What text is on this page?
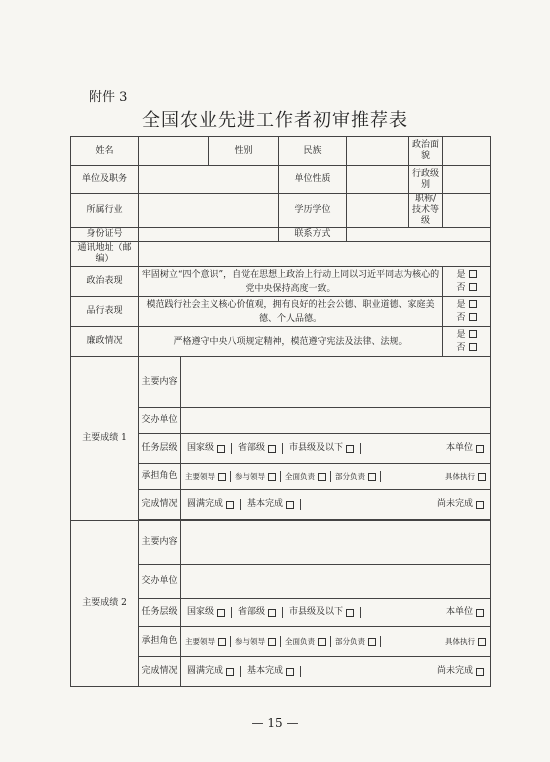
附件 3
全国农业先进工作者初审推荐表
姓名			性别	民族		政治面貌	
单位及职务				单位性质		行政级别	
所属行业				学历学位		职称/技术等级	
身份证号				联系方式			
通讯地址（邮编）							
政治表现	牢固树立“四个意识”，自觉在思想上政治上行动上同以习近平同志为核心的党中央保持高度一致。						是
否

品行表现	模范践行社会主义核心价值观，拥有良好的社会公德、职业道德、家庭美德、个人品德。						是
否

廉政情况	严格遵守中央八项规定精神，模范遵守宪法及法律、法规。						是
否

主要成绩 1	主要内容						
	交办单位						
	任务层级	国家级 省部级 市县级及以下 本单位					

	承担角色	主要领导 参与领导 全面负责 部分负责 具体执行					

	完成情况	圆满完成 基本完成 尚未完成					

主要成绩 2	主要内容						
	交办单位						
	任务层级	国家级 省部级 市县级及以下 本单位					

	承担角色	主要领导 参与领导 全面负责 部分负责 具体执行					

	完成情况	圆满完成 基本完成 尚未完成					
— 15 —
